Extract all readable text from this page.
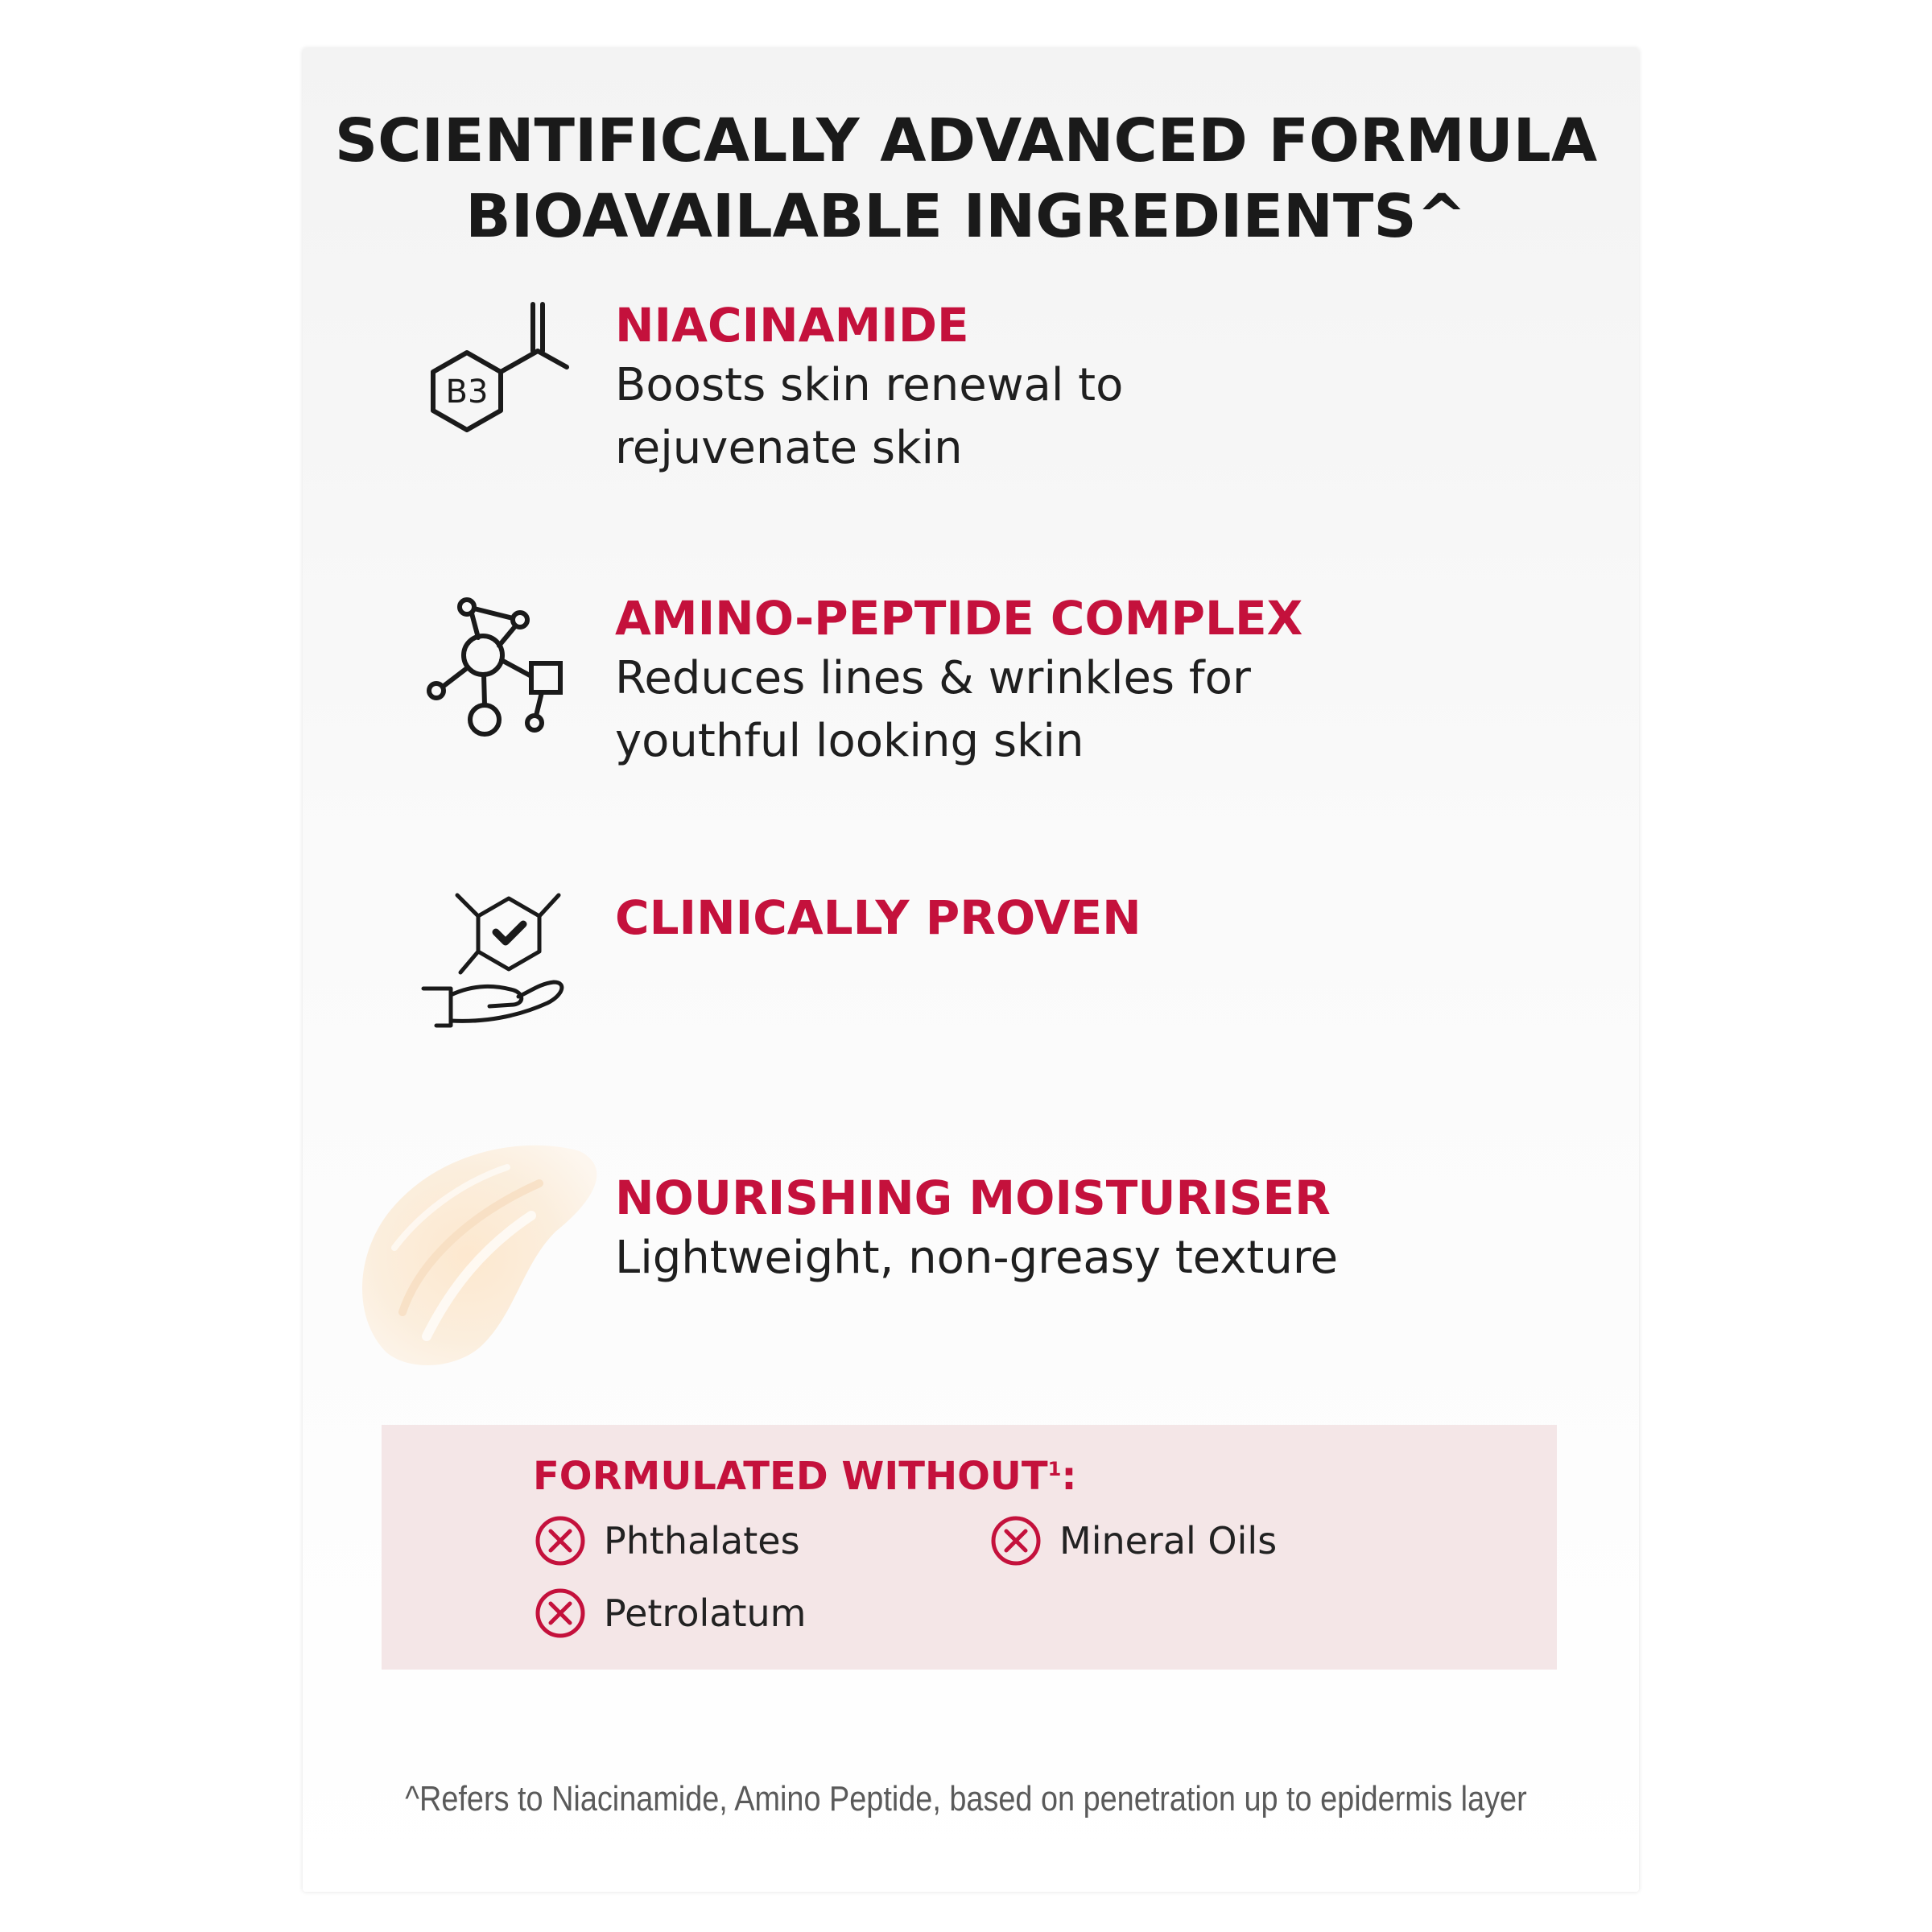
SCIENTIFICALLY ADVANCED FORMULA
BIOAVAILABLE INGREDIENTS^
B3
NIACINAMIDE
Boosts skin renewal to
rejuvenate skin
AMINO-PEPTIDE COMPLEX
Reduces lines & wrinkles for
youthful looking skin
CLINICALLY PROVEN
NOURISHING MOISTURISER
Lightweight, non-greasy texture
FORMULATED WITHOUT$^1$:
Phthalates	Mineral Oils
Petrolatum
^Refers to Niacinamide, Amino Peptide, based on penetration up to epidermis layer
